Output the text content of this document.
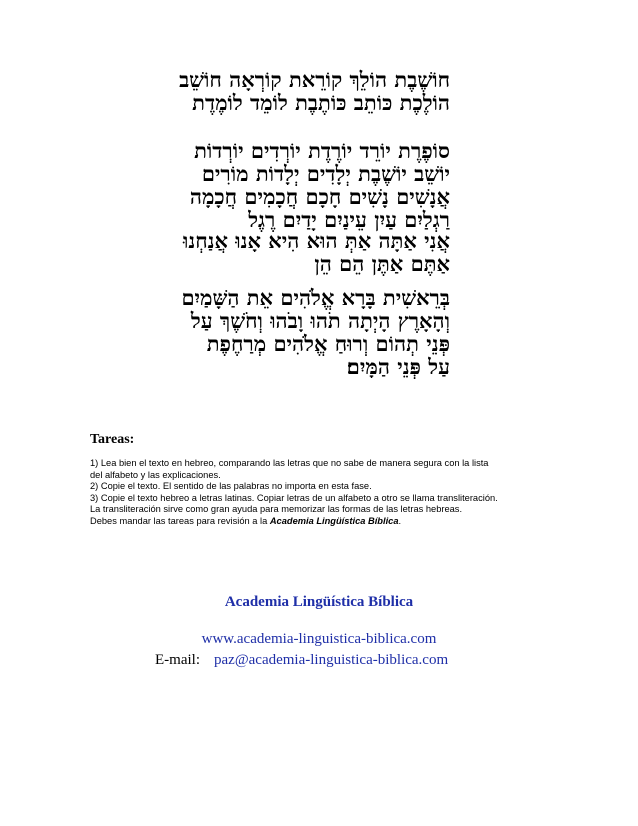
חוֹשֶׁבֶת הוֹלֵךְ קוֹרֵאת קוֹרְאָה חוֹשֵׁב
הוֹלֶכֶת כּוֹתֵב כּוֹתֶבֶת לוֹמֵד לוֹמֶדֶת
סוֹפֶרֶת יוֹרֵד יוֹרֶדֶת יוֹרְדִים יוֹרְדוֹת
יוֹשֵׁב יוֹשֶׁבֶת יְלָדִים יְלָדוֹת מוֹרִים
אֲנָשִׁים נָשִׁים חָכָם חֲכָמִים חֲכָמָה
רַגְלַיִם עַיִן עֵינַיִם יָדַיִם רֶגֶל
אֲנִי אַתָּה אַתְּ הוּא הִיא אָנוּ אֲנַחְנוּ
אַתֶּם אַתֶּן הֵם הֵן
בְּרֵאשִׁית בָּרָא אֱלֹהִים אֵת הַשָּׁמַיִם
וְהָאָרֶץ הָיְתָה תֹהוּ וָבֹהוּ וְחֹשֶׁךְ עַל
פְּנֵי תְהוֹם וְרוּחַ אֱלֹהִים מְרַחֶפֶת
עַל פְּנֵי הַמָּיִם׃
Tareas:
1) Lea bien el texto en hebreo, comparando las letras que no sabe de manera segura con la lista
del alfabeto y las explicaciones.
2) Copie el texto. El sentido de las palabras no importa en esta fase.
3) Copie el texto hebreo a letras latinas. Copiar letras de un alfabeto a otro se llama transliteración.
La transliteración sirve como gran ayuda para memorizar las formas de las letras hebreas.
Debes mandar las tareas para revisión a la Academia Lingüística Bíblica.
Academia Lingüística Bíblica
www.academia-linguistica-biblica.com
E-mail: paz@academia-linguistica-biblica.com
